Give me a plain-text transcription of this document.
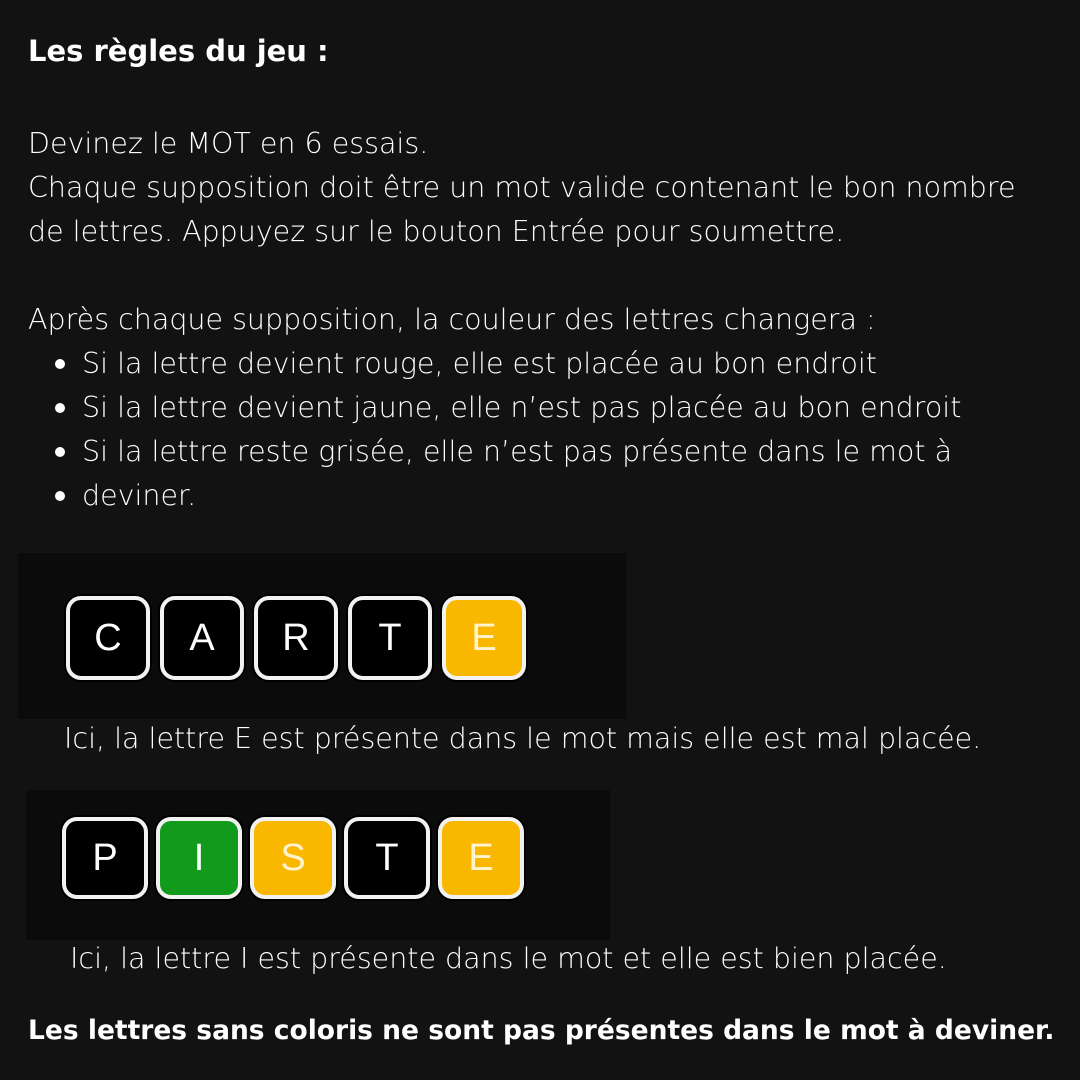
Les règles du jeu :
Devinez le MOT en 6 essais.
Chaque supposition doit être un mot valide contenant le bon nombre
de lettres. Appuyez sur le bouton Entrée pour soumettre.
Après chaque supposition, la couleur des lettres changera :
Si la lettre devient rouge, elle est placée au bon endroit
Si la lettre devient jaune, elle n’est pas placée au bon endroit
Si la lettre reste grisée, elle n’est pas présente dans le mot à
deviner.
C A R T E
Ici, la lettre E est présente dans le mot mais elle est mal placée.
P I S T E
Ici, la lettre I est présente dans le mot et elle est bien placée.
Les lettres sans coloris ne sont pas présentes dans le mot à deviner.
